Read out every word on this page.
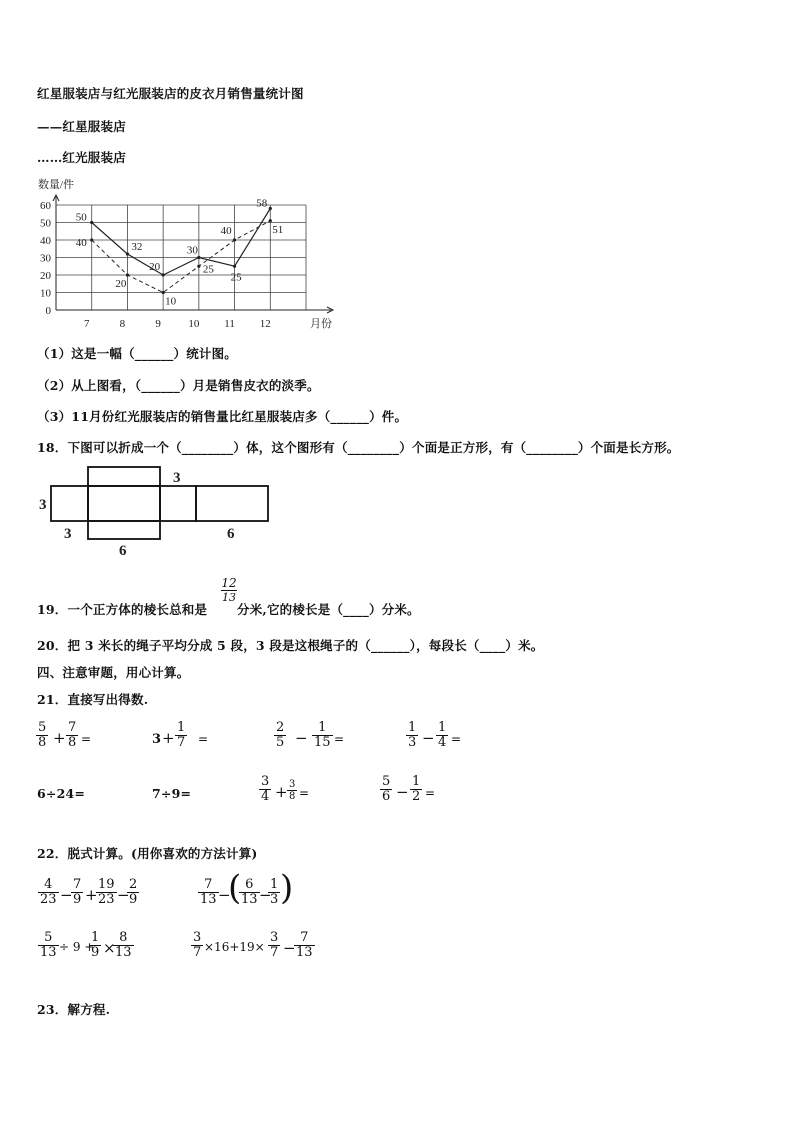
红星服装店与红光服装店的皮衣月销售量统计图
——红星服装店
……红光服装店
0
10
20
30
40
50
60
7	8	9 10 11 12
数量/件
月份
50
32
20
30
25
58
40
20
10
25
40	51
（1）这是一幅（______）统计图。
（2）从上图看，（______）月是销售皮衣的淡季。
（3）11月份红光服装店的销售量比红星服装店多（______）件。
18．下图可以折成一个（________）体，这个图形有（________）个面是正方形，有（________）个面是长方形。
3
3
3
6
6
19．一个正方体的棱长总和是
$\frac{12}{13}$
分米,它的棱长是（____）分米。
20．把 3 米长的绳子平均分成 5 段，3 段是这根绳子的（______），每段长（____）米。
四、注意审题，用心计算。
21．直接写出得数.
$\frac{5}{8} + \frac{7}{8}$ =	$3 + \frac{1}{7}$ =	$\frac{2}{5} - \frac{1}{15}$ =	$\frac{1}{3} - \frac{1}{4}$ =
6÷24=	7÷9=	$\frac{3}{4} + \frac{3}{8}$ =	$\frac{5}{6} - \frac{1}{2}$ =
22．脱式计算。(用你喜欢的方法计算)
$\frac{4}{23}$ −
$\frac{7}{9}$ +
$\frac{19}{23}$ −
$\frac{2}{9}$	$\frac{7}{13}$ −
(
$\frac{6}{13}$ −
$\frac{1}{3}$ )
$\frac{5}{13} \div 9$ +
$\frac{1}{9}$ ×
$\frac{8}{13}$	$\frac{3}{7} \times 16+19\times \frac{3}{7}$ −
$\frac{7}{13}$
23．解方程.
